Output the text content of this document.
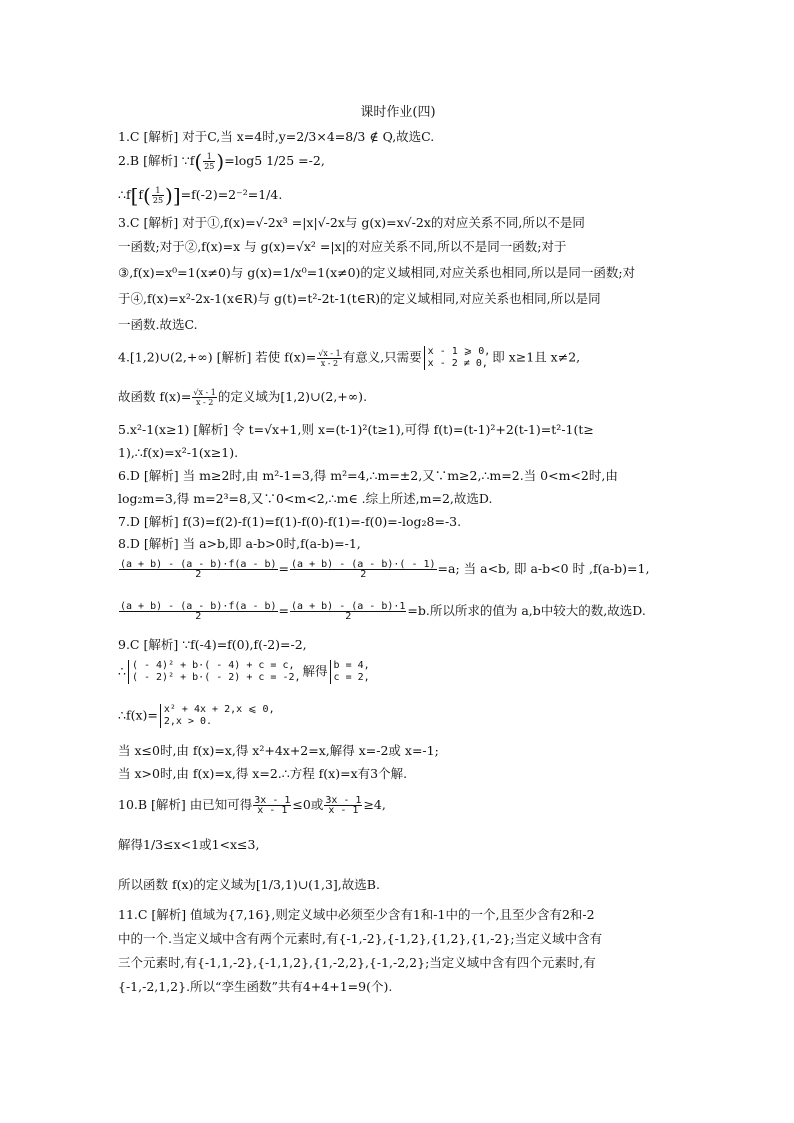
课时作业(四)
1.C [解析] 对于C,当 x=4时,y=2/3×4=8/3 ∉ Q,故选C.
2.B [解析] ∵f( $\frac{1}{25} )=\log 5$ 1/25 =-2,
∴f[f( $\frac{1}{25} )]=f(-2)=2^{-2}=1/4$.
3.C [解析] 对于①,f(x)=√-2x³ =|x|√-2x与 g(x)=x√-2x的对应关系不同,所以不是同
一函数;对于②,f(x)=x 与 g(x)=√x² =|x|的对应关系不同,所以不是同一函数;对于
③,f(x)=x⁰=1(x≠0)与 g(x)=1/x⁰=1(x≠0)的定义域相同,对应关系也相同,所以是同一函数;对
于④,f(x)=x²-2x-1(x∈R)与 g(t)=t²-2t-1(t∈R)的定义域相同,对应关系也相同,所以是同
一函数.故选C.
4.[1,2)∪(2,+∞) [解析] 若使 $f(x)= \frac{√x - 1}{x - 2}$ 有意义,只需要 x - 1 ⩾ 0,
x - 2 ≠ 0, 即 x≥1且 x≠2,
故函数 $f(x)= \frac{√x - 1}{x - 2}$ 的定义域为[1,2)∪(2,+∞).
5.x²-1(x≥1) [解析] 令 t=√x+1,则 x=(t-1)²(t≥1),可得 f(t)=(t-1)²+2(t-1)=t²-1(t≥
1),∴f(x)=x²-1(x≥1).
6.D [解析] 当 m≥2时,由 m²-1=3,得 m²=4,∴m=±2,又∵m≥2,∴m=2.当 0<m<2时,由
log₂m=3,得 m=2³=8,又∵0<m<2,∴m∈ .综上所述,m=2,故选D.
7.D [解析] f(3)=f(2)-f(1)=f(1)-f(0)-f(1)=-f(0)=-log₂8=-3.
8.D [解析] 当 a>b,即 a-b>0时,f(a-b)=-1,
$\frac{(a + b) - (a - b)\cdot f(a - b)}{2} = \frac{(a + b) - (a - b)\cdot( - 1)}{2} =a$; 当 a<b, 即 a-b<0 时 ,f(a-b)=1,
$\frac{(a + b) - (a - b)\cdot f(a - b)}{2} = \frac{(a + b) - (a - b)\cdot 1}{2} =b$.所以所求的值为 a,b中较大的数,故选D.
9.C [解析] ∵f(-4)=f(0),f(-2)=-2,
∴ ( - 4)² + b·( - 4) + c = c,
( - 2)² + b·( - 2) + c = -2, 解得 b = 4,
c = 2,
∴f(x)= x² + 4x + 2,x ⩽ 0,
2,x > 0.
当 x≤0时,由 f(x)=x,得 x²+4x+2=x,解得 x=-2或 x=-1;
当 x>0时,由 f(x)=x,得 x=2.∴方程 f(x)=x有3个解.
10.B [解析] 由已知可得 $\frac{3x - 1}{x - 1} \le 0$或 $\frac{3x - 1}{x - 1} \ge 4$,
解得1/3≤x<1或1<x≤3,
所以函数 f(x)的定义域为[1/3,1)∪(1,3],故选B.
11.C [解析] 值域为{7,16},则定义域中必须至少含有1和-1中的一个,且至少含有2和-2
中的一个.当定义域中含有两个元素时,有{-1,-2},{-1,2},{1,2},{1,-2};当定义域中含有
三个元素时,有{-1,1,-2},{-1,1,2},{1,-2,2},{-1,-2,2};当定义域中含有四个元素时,有
{-1,-2,1,2}.所以“孪生函数”共有4+4+1=9(个).
